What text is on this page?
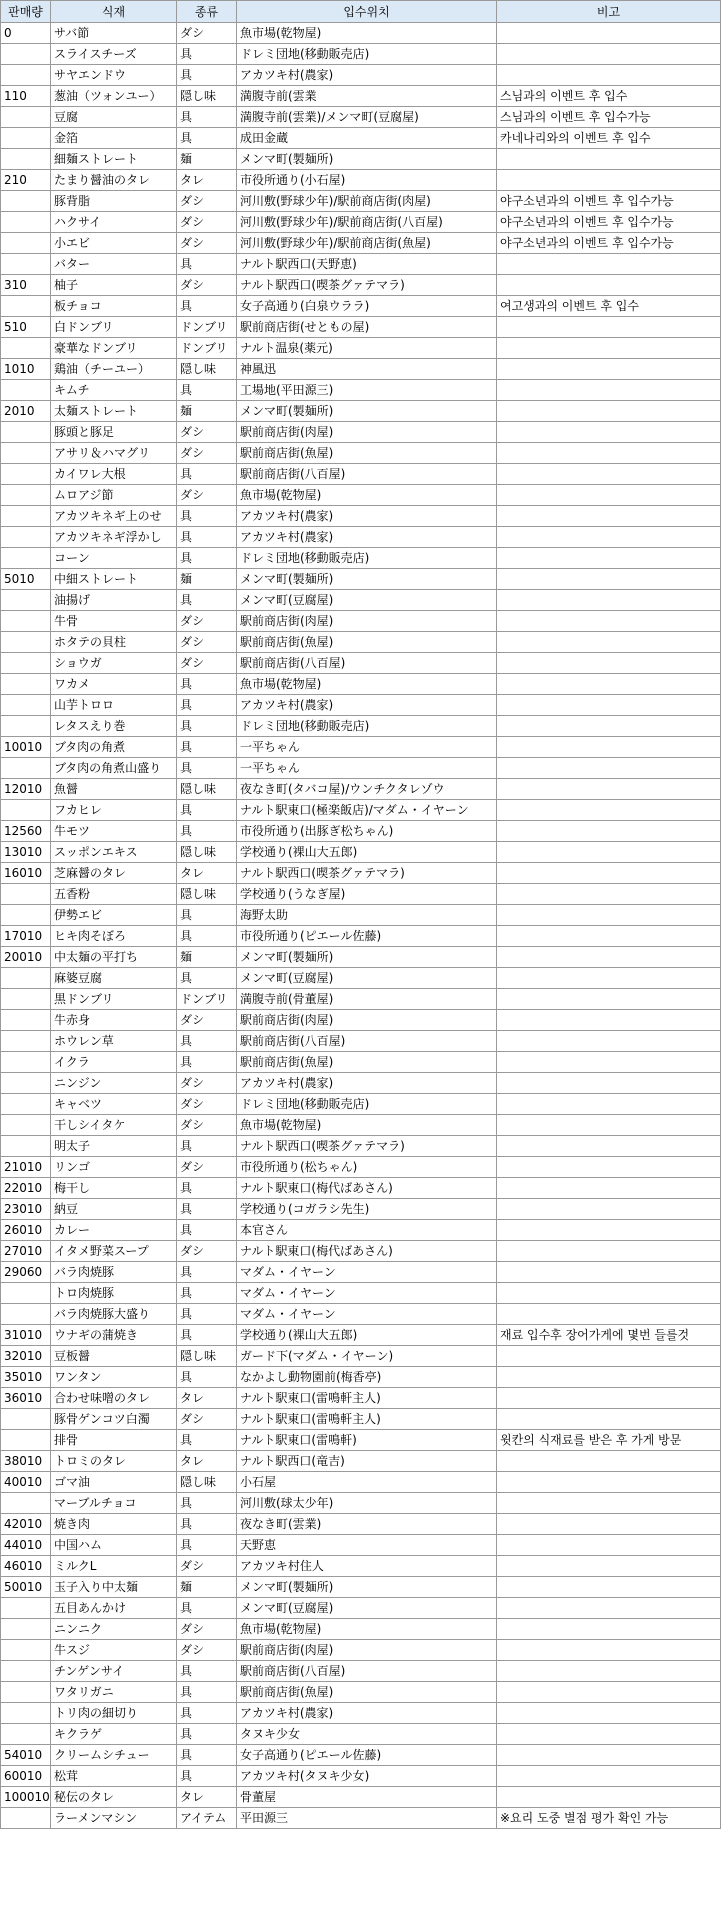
판매량	식재	종류	입수위치	비고
0	サバ節	ダシ	魚市場(乾物屋)	
	スライスチーズ	具	ドレミ団地(移動販売店)	
	サヤエンドウ	具	アカツキ村(農家)	
110	葱油（ツォンユー）	隠し味	満腹寺前(雲業	스님과의 이벤트 후 입수
	豆腐	具	満腹寺前(雲業)/メンマ町(豆腐屋)	스님과의 이벤트 후 입수가능
	金箔	具	成田金蔵	카네나리와의 이벤트 후 입수
	細麺ストレート	麺	メンマ町(製麺所)	
210	たまり醤油のタレ	タレ	市役所通り(小石屋)	
	豚背脂	ダシ	河川敷(野球少年)/駅前商店街(肉屋)	야구소년과의 이벤트 후 입수가능
	ハクサイ	ダシ	河川敷(野球少年)/駅前商店街(八百屋)	야구소년과의 이벤트 후 입수가능
	小エビ	ダシ	河川敷(野球少年)/駅前商店街(魚屋)	야구소년과의 이벤트 후 입수가능
	バター	具	ナルト駅西口(天野恵)	
310	柚子	ダシ	ナルト駅西口(喫茶グァテマラ)	
	板チョコ	具	女子高通り(白泉ウララ)	여고생과의 이벤트 후 입수
510	白ドンブリ	ドンブリ	駅前商店街(せともの屋)	
	豪華なドンブリ	ドンブリ	ナルト温泉(薬元)	
1010	鶏油（チーユー）	隠し味	神風迅	
	キムチ	具	工場地(平田源三)	
2010	太麺ストレート	麺	メンマ町(製麺所)	
	豚頭と豚足	ダシ	駅前商店街(肉屋)	
	アサリ＆ハマグリ	ダシ	駅前商店街(魚屋)	
	カイワレ大根	具	駅前商店街(八百屋)	
	ムロアジ節	ダシ	魚市場(乾物屋)	
	アカツキネギ上のせ	具	アカツキ村(農家)	
	アカツキネギ浮かし	具	アカツキ村(農家)	
	コーン	具	ドレミ団地(移動販売店)	
5010	中細ストレート	麺	メンマ町(製麺所)	
	油揚げ	具	メンマ町(豆腐屋)	
	牛骨	ダシ	駅前商店街(肉屋)	
	ホタテの貝柱	ダシ	駅前商店街(魚屋)	
	ショウガ	ダシ	駅前商店街(八百屋)	
	ワカメ	具	魚市場(乾物屋)	
	山芋トロロ	具	アカツキ村(農家)	
	レタスえり巻	具	ドレミ団地(移動販売店)	
10010	ブタ肉の角煮	具	一平ちゃん	
	ブタ肉の角煮山盛り	具	一平ちゃん	
12010	魚醤	隠し味	夜なき町(タバコ屋)/ウンチクタレゾウ	
	フカヒレ	具	ナルト駅東口(極楽飯店)/マダム・イヤーン	
12560	牛モツ	具	市役所通り(出豚ぎ松ちゃん)	
13010	スッポンエキス	隠し味	学校通り(裸山大五郎)	
16010	芝麻醤のタレ	タレ	ナルト駅西口(喫茶グァテマラ)	
	五香粉	隠し味	学校通り(うなぎ屋)	
	伊勢エビ	具	海野太助	
17010	ヒキ肉そぼろ	具	市役所通り(ピエール佐藤)	
20010	中太麺の平打ち	麺	メンマ町(製麺所)	
	麻婆豆腐	具	メンマ町(豆腐屋)	
	黒ドンブリ	ドンブリ	満腹寺前(骨董屋)	
	牛赤身	ダシ	駅前商店街(肉屋)	
	ホウレン草	具	駅前商店街(八百屋)	
	イクラ	具	駅前商店街(魚屋)	
	ニンジン	ダシ	アカツキ村(農家)	
	キャベツ	ダシ	ドレミ団地(移動販売店)	
	干しシイタケ	ダシ	魚市場(乾物屋)	
	明太子	具	ナルト駅西口(喫茶グァテマラ)	
21010	リンゴ	ダシ	市役所通り(松ちゃん)	
22010	梅干し	具	ナルト駅東口(梅代ばあさん)	
23010	納豆	具	学校通り(コガラシ先生)	
26010	カレー	具	本官さん	
27010	イタメ野菜スープ	ダシ	ナルト駅東口(梅代ばあさん)	
29060	バラ肉焼豚	具	マダム・イヤーン	
	トロ肉焼豚	具	マダム・イヤーン	
	バラ肉焼豚大盛り	具	マダム・イヤーン	
31010	ウナギの蒲焼き	具	学校通り(裸山大五郎)	재료 입수후 장어가게에 몇번 들를것
32010	豆板醤	隠し味	ガード下(マダム・イヤーン)	
35010	ワンタン	具	なかよし動物園前(梅香亭)	
36010	合わせ味噌のタレ	タレ	ナルト駅東口(雷鳴軒主人)	
	豚骨ゲンコツ白濁	ダシ	ナルト駅東口(雷鳴軒主人)	
	排骨	具	ナルト駅東口(雷鳴軒)	윗칸의 식재료를 받은 후 가게 방문
38010	トロミのタレ	タレ	ナルト駅西口(竜吉)	
40010	ゴマ油	隠し味	小石屋	
	マーブルチョコ	具	河川敷(球太少年)	
42010	焼き肉	具	夜なき町(雲業)	
44010	中国ハム	具	天野恵	
46010	ミルクL	ダシ	アカツキ村住人	
50010	玉子入り中太麺	麺	メンマ町(製麺所)	
	五目あんかけ	具	メンマ町(豆腐屋)	
	ニンニク	ダシ	魚市場(乾物屋)	
	牛スジ	ダシ	駅前商店街(肉屋)	
	チンゲンサイ	具	駅前商店街(八百屋)	
	ワタリガニ	具	駅前商店街(魚屋)	
	トリ肉の細切り	具	アカツキ村(農家)	
	キクラゲ	具	タヌキ少女	
54010	クリームシチュー	具	女子高通り(ピエール佐藤)	
60010	松茸	具	アカツキ村(タヌキ少女)	
100010	秘伝のタレ	タレ	骨董屋	
	ラーメンマシン	アイテム	平田源三	※요리 도중 별점 평가 확인 가능
